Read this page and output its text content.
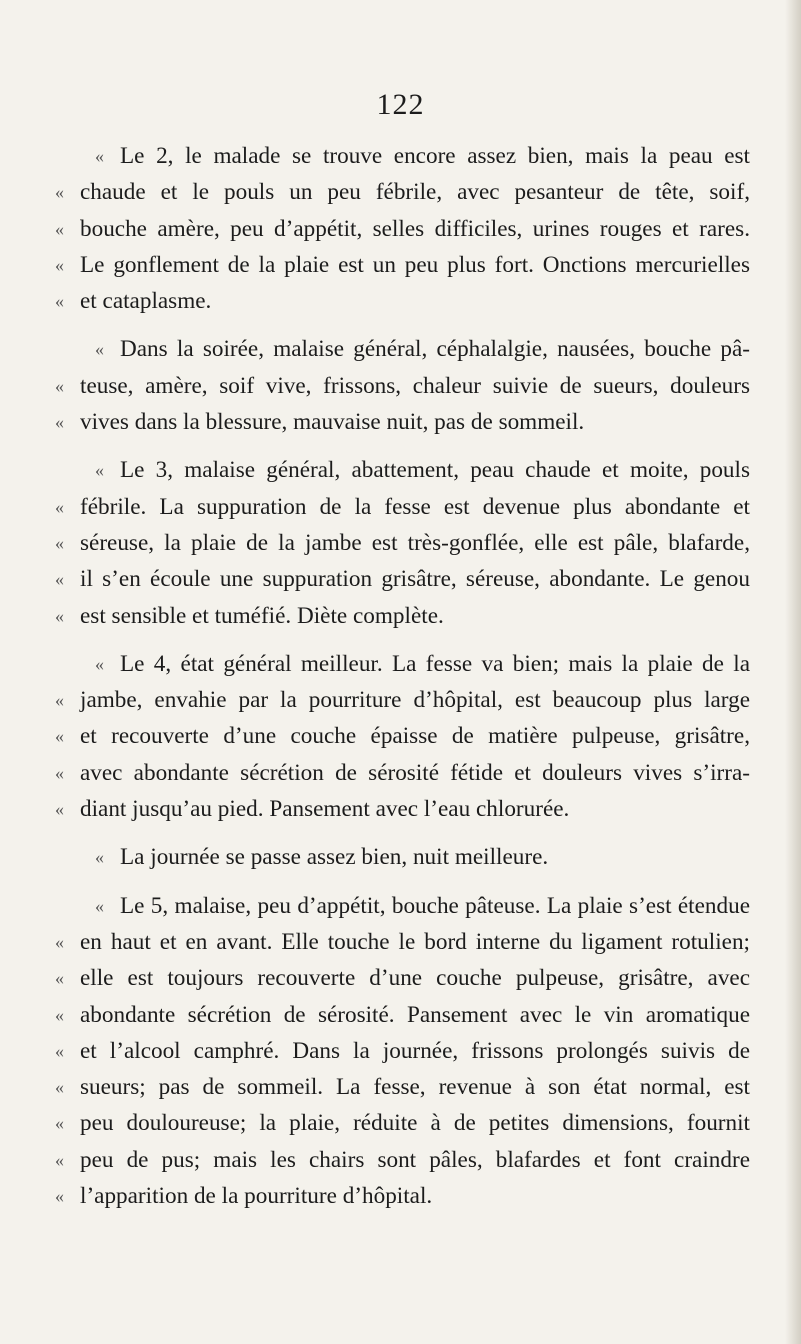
122
« Le 2, le malade se trouve encore assez bien, mais la peau est
« chaude et le pouls un peu fébrile, avec pesanteur de tête, soif,
« bouche amère, peu d’appétit, selles difficiles, urines rouges et rares.
« Le gonflement de la plaie est un peu plus fort. Onctions mercurielles
« et cataplasme.
« Dans la soirée, malaise général, céphalalgie, nausées, bouche pâ-
« teuse, amère, soif vive, frissons, chaleur suivie de sueurs, douleurs
« vives dans la blessure, mauvaise nuit, pas de sommeil.
« Le 3, malaise général, abattement, peau chaude et moite, pouls
« fébrile. La suppuration de la fesse est devenue plus abondante et
« séreuse, la plaie de la jambe est très-gonflée, elle est pâle, blafarde,
« il s’en écoule une suppuration grisâtre, séreuse, abondante. Le genou
« est sensible et tuméfié. Diète complète.
« Le 4, état général meilleur. La fesse va bien; mais la plaie de la
« jambe, envahie par la pourriture d’hôpital, est beaucoup plus large
« et recouverte d’une couche épaisse de matière pulpeuse, grisâtre,
« avec abondante sécrétion de sérosité fétide et douleurs vives s’irra-
« diant jusqu’au pied. Pansement avec l’eau chlorurée.
« La journée se passe assez bien, nuit meilleure.
« Le 5, malaise, peu d’appétit, bouche pâteuse. La plaie s’est étendue
« en haut et en avant. Elle touche le bord interne du ligament rotulien;
« elle est toujours recouverte d’une couche pulpeuse, grisâtre, avec
« abondante sécrétion de sérosité. Pansement avec le vin aromatique
« et l’alcool camphré. Dans la journée, frissons prolongés suivis de
« sueurs; pas de sommeil. La fesse, revenue à son état normal, est
« peu douloureuse; la plaie, réduite à de petites dimensions, fournit
« peu de pus; mais les chairs sont pâles, blafardes et font craindre
« l’apparition de la pourriture d’hôpital.
